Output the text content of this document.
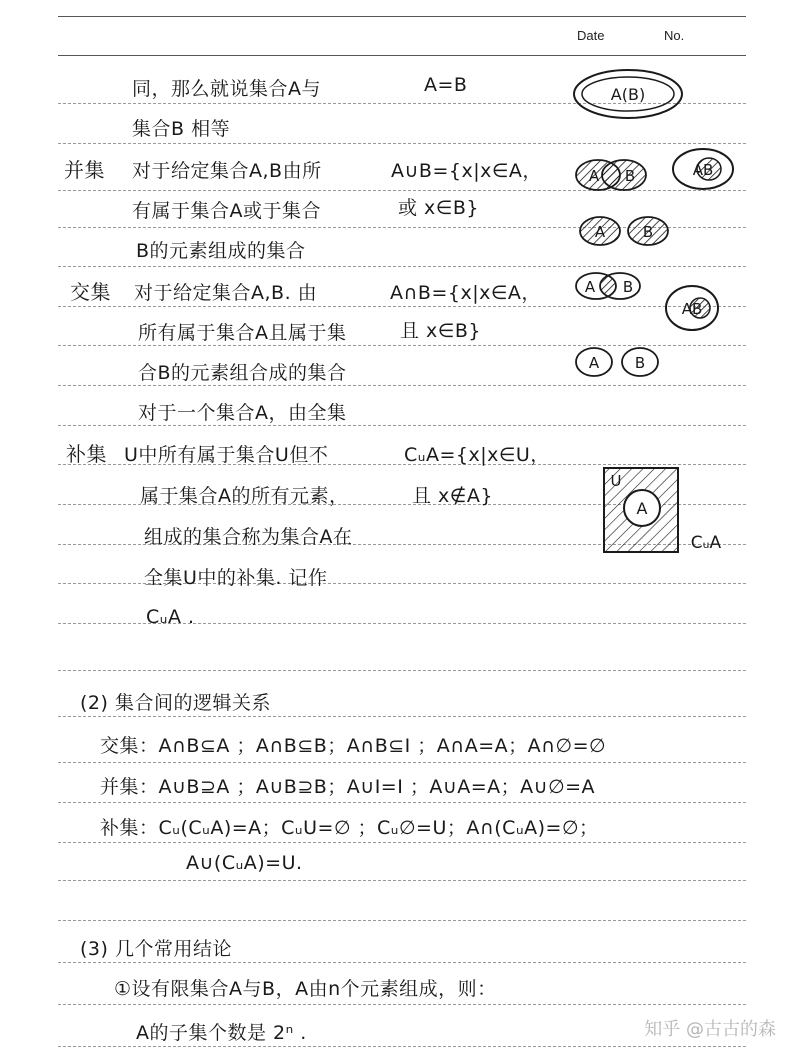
Date	No.
同，那么就说集合A与	A=B
集合B 相等
并集 对于给定集合A,B由所	A∪B={x|x∈A，
有属于集合A或于集合	或 x∈B}
B的元素组成的集合
交集 对于给定集合A,B. 由	A∩B={x|x∈A，
所有属于集合A且属于集	且 x∈B}
合B的元素组合成的集合
对于一个集合A，由全集
补集 U中所有属于集合U但不	CᵤA={x|x∈U，
属于集合A的所有元素，	且 x∉A}
组成的集合称为集合A在
全集U中的补集. 记作
CᵤA .
(2) 集合间的逻辑关系
交集：A∩B⊆A ；A∩B⊆B；A∩B⊆I ；A∩A=A；A∩∅=∅
并集：A∪B⊇A ；A∪B⊇B；A∪I=I ；A∪A=A；A∪∅=A
补集：Cᵤ(CᵤA)=A；CᵤU=∅ ；Cᵤ∅=U；A∩(CᵤA)=∅；
A∪(CᵤA)=U.
(3) 几个常用结论
①设有限集合A与B，A由n个元素组成，则：
A的子集个数是 2ⁿ .
A(B)
A B	AB
A	B
A B
AB
A B
A
U
CᵤA
知乎 @古古的森
